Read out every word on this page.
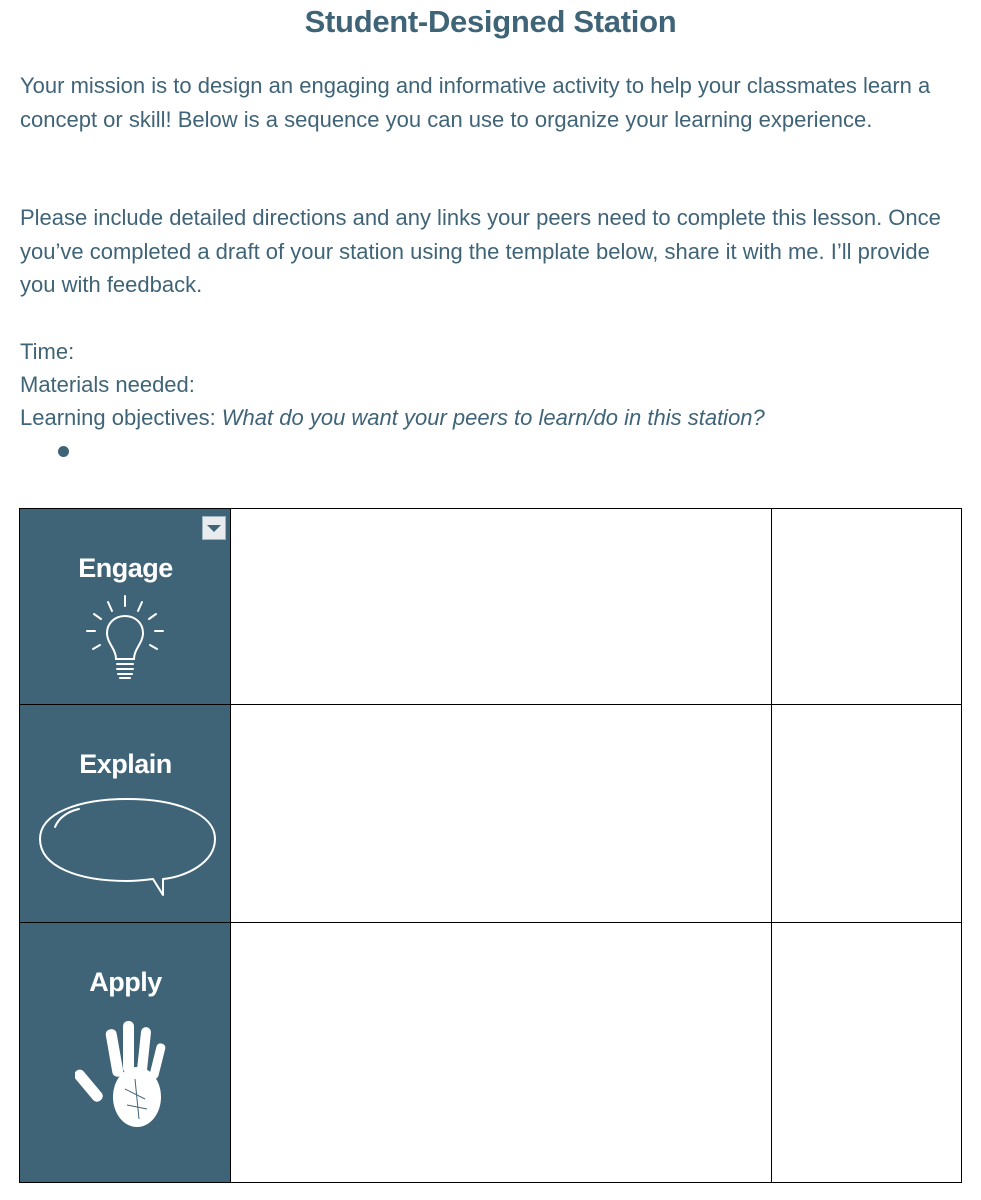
Student-Designed Station
Your mission is to design an engaging and informative activity to help your classmates learn a concept or skill! Below is a sequence you can use to organize your learning experience.
Please include detailed directions and any links your peers need to complete this lesson. Once you’ve completed a draft of your station using the template below, share it with me. I’ll provide you with feedback.
Time:
Materials needed:
Learning objectives: What do you want your peers to learn/do in this station?
Engage
Explain
Apply
